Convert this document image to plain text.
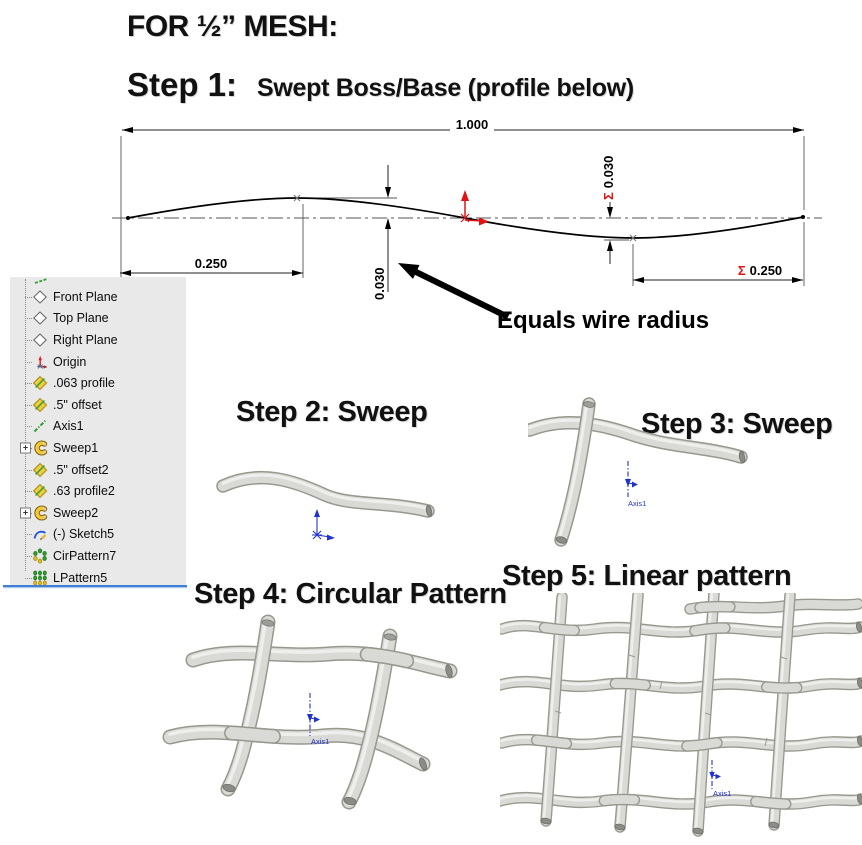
FOR ½” MESH:
Step 1: Swept Boss/Base (profile below)
1.000
0.250
0.030
Σ0.030
Σ 0.250
Equals wire radius
Front Plane
Top Plane
Right Plane
Origin
.063 profile
.5" offset
Axis1
+ Sweep1
.5" offset2
.63 profile2
+ Sweep2
(-) Sketch5
CirPattern7
LPattern5
Step 2: Sweep	Step 3: Sweep
Step 4: Circular Pattern
Step 5: Linear pattern
Axis1
Axis1
Axis1
